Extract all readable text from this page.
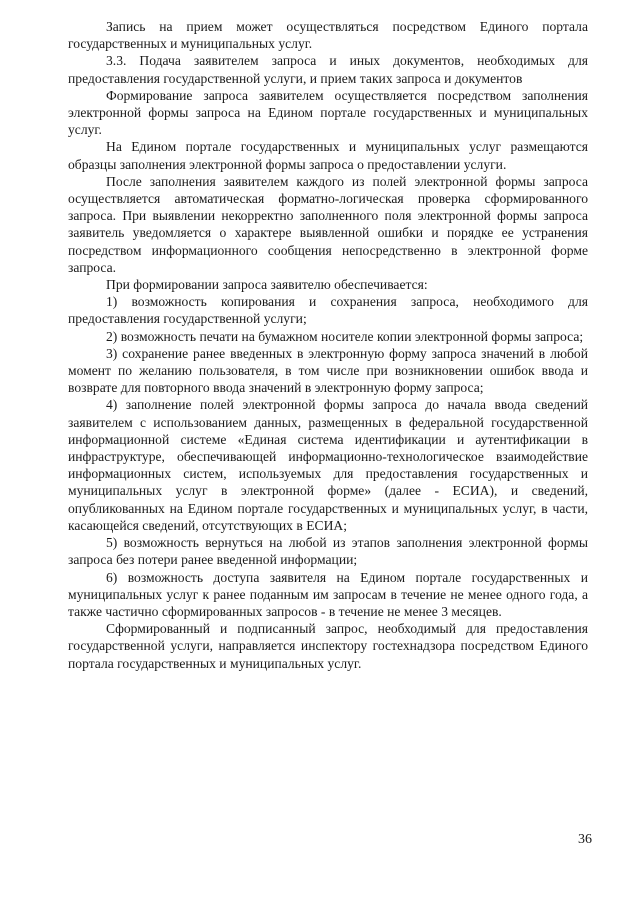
Запись на прием может осуществляться посредством Единого портала государственных и муниципальных услуг.

3.3. Подача заявителем запроса и иных документов, необходимых для предоставления государственной услуги, и прием таких запроса и документов

Формирование запроса заявителем осуществляется посредством заполнения электронной формы запроса на Едином портале государственных и муниципальных услуг.

На Едином портале государственных и муниципальных услуг размещаются образцы заполнения электронной формы запроса о предоставлении услуги.

После заполнения заявителем каждого из полей электронной формы запроса осуществляется автоматическая форматно-логическая проверка сформированного запроса. При выявлении некорректно заполненного поля электронной формы запроса заявитель уведомляется о характере выявленной ошибки и порядке ее устранения посредством информационного сообщения непосредственно в электронной форме запроса.

При формировании запроса заявителю обеспечивается:

1) возможность копирования и сохранения запроса, необходимого для предоставления государственной услуги;

2) возможность печати на бумажном носителе копии электронной формы запроса;

3) сохранение ранее введенных в электронную форму запроса значений в любой момент по желанию пользователя, в том числе при возникновении ошибок ввода и возврате для повторного ввода значений в электронную форму запроса;

4) заполнение полей электронной формы запроса до начала ввода сведений заявителем с использованием данных, размещенных в федеральной государственной информационной системе «Единая система идентификации и аутентификации в инфраструктуре, обеспечивающей информационно-технологическое взаимодействие информационных систем, используемых для предоставления государственных и муниципальных услуг в электронной форме» (далее - ЕСИА), и сведений, опубликованных на Едином портале государственных и муниципальных услуг, в части, касающейся сведений, отсутствующих в ЕСИА;

5) возможность вернуться на любой из этапов заполнения электронной формы запроса без потери ранее введенной информации;

6) возможность доступа заявителя на Едином портале государственных и муниципальных услуг к ранее поданным им запросам в течение не менее одного года, а также частично сформированных запросов - в течение не менее 3 месяцев.

Сформированный и подписанный запрос, необходимый для предоставления государственной услуги, направляется инспектору гостехнадзора посредством Единого портала государственных и муниципальных услуг.

36
